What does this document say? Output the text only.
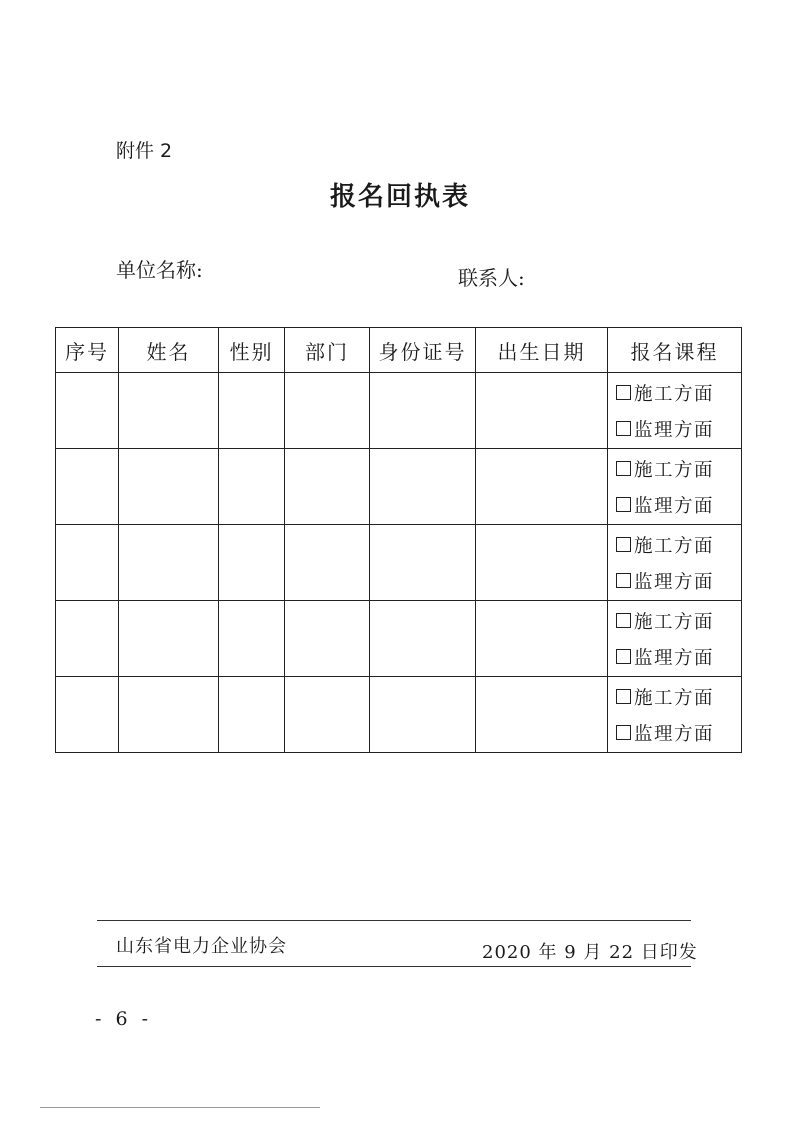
附件 2
报名回执表
单位名称:	联系人:
序号	姓名	性别	部门	身份证号	出生日期	报名课程

						施工方面
监理方面

						施工方面
监理方面

						施工方面
监理方面

						施工方面
监理方面

						施工方面
监理方面
山东省电力企业协会	2020 年 9 月 22 日印发
- 6 -
